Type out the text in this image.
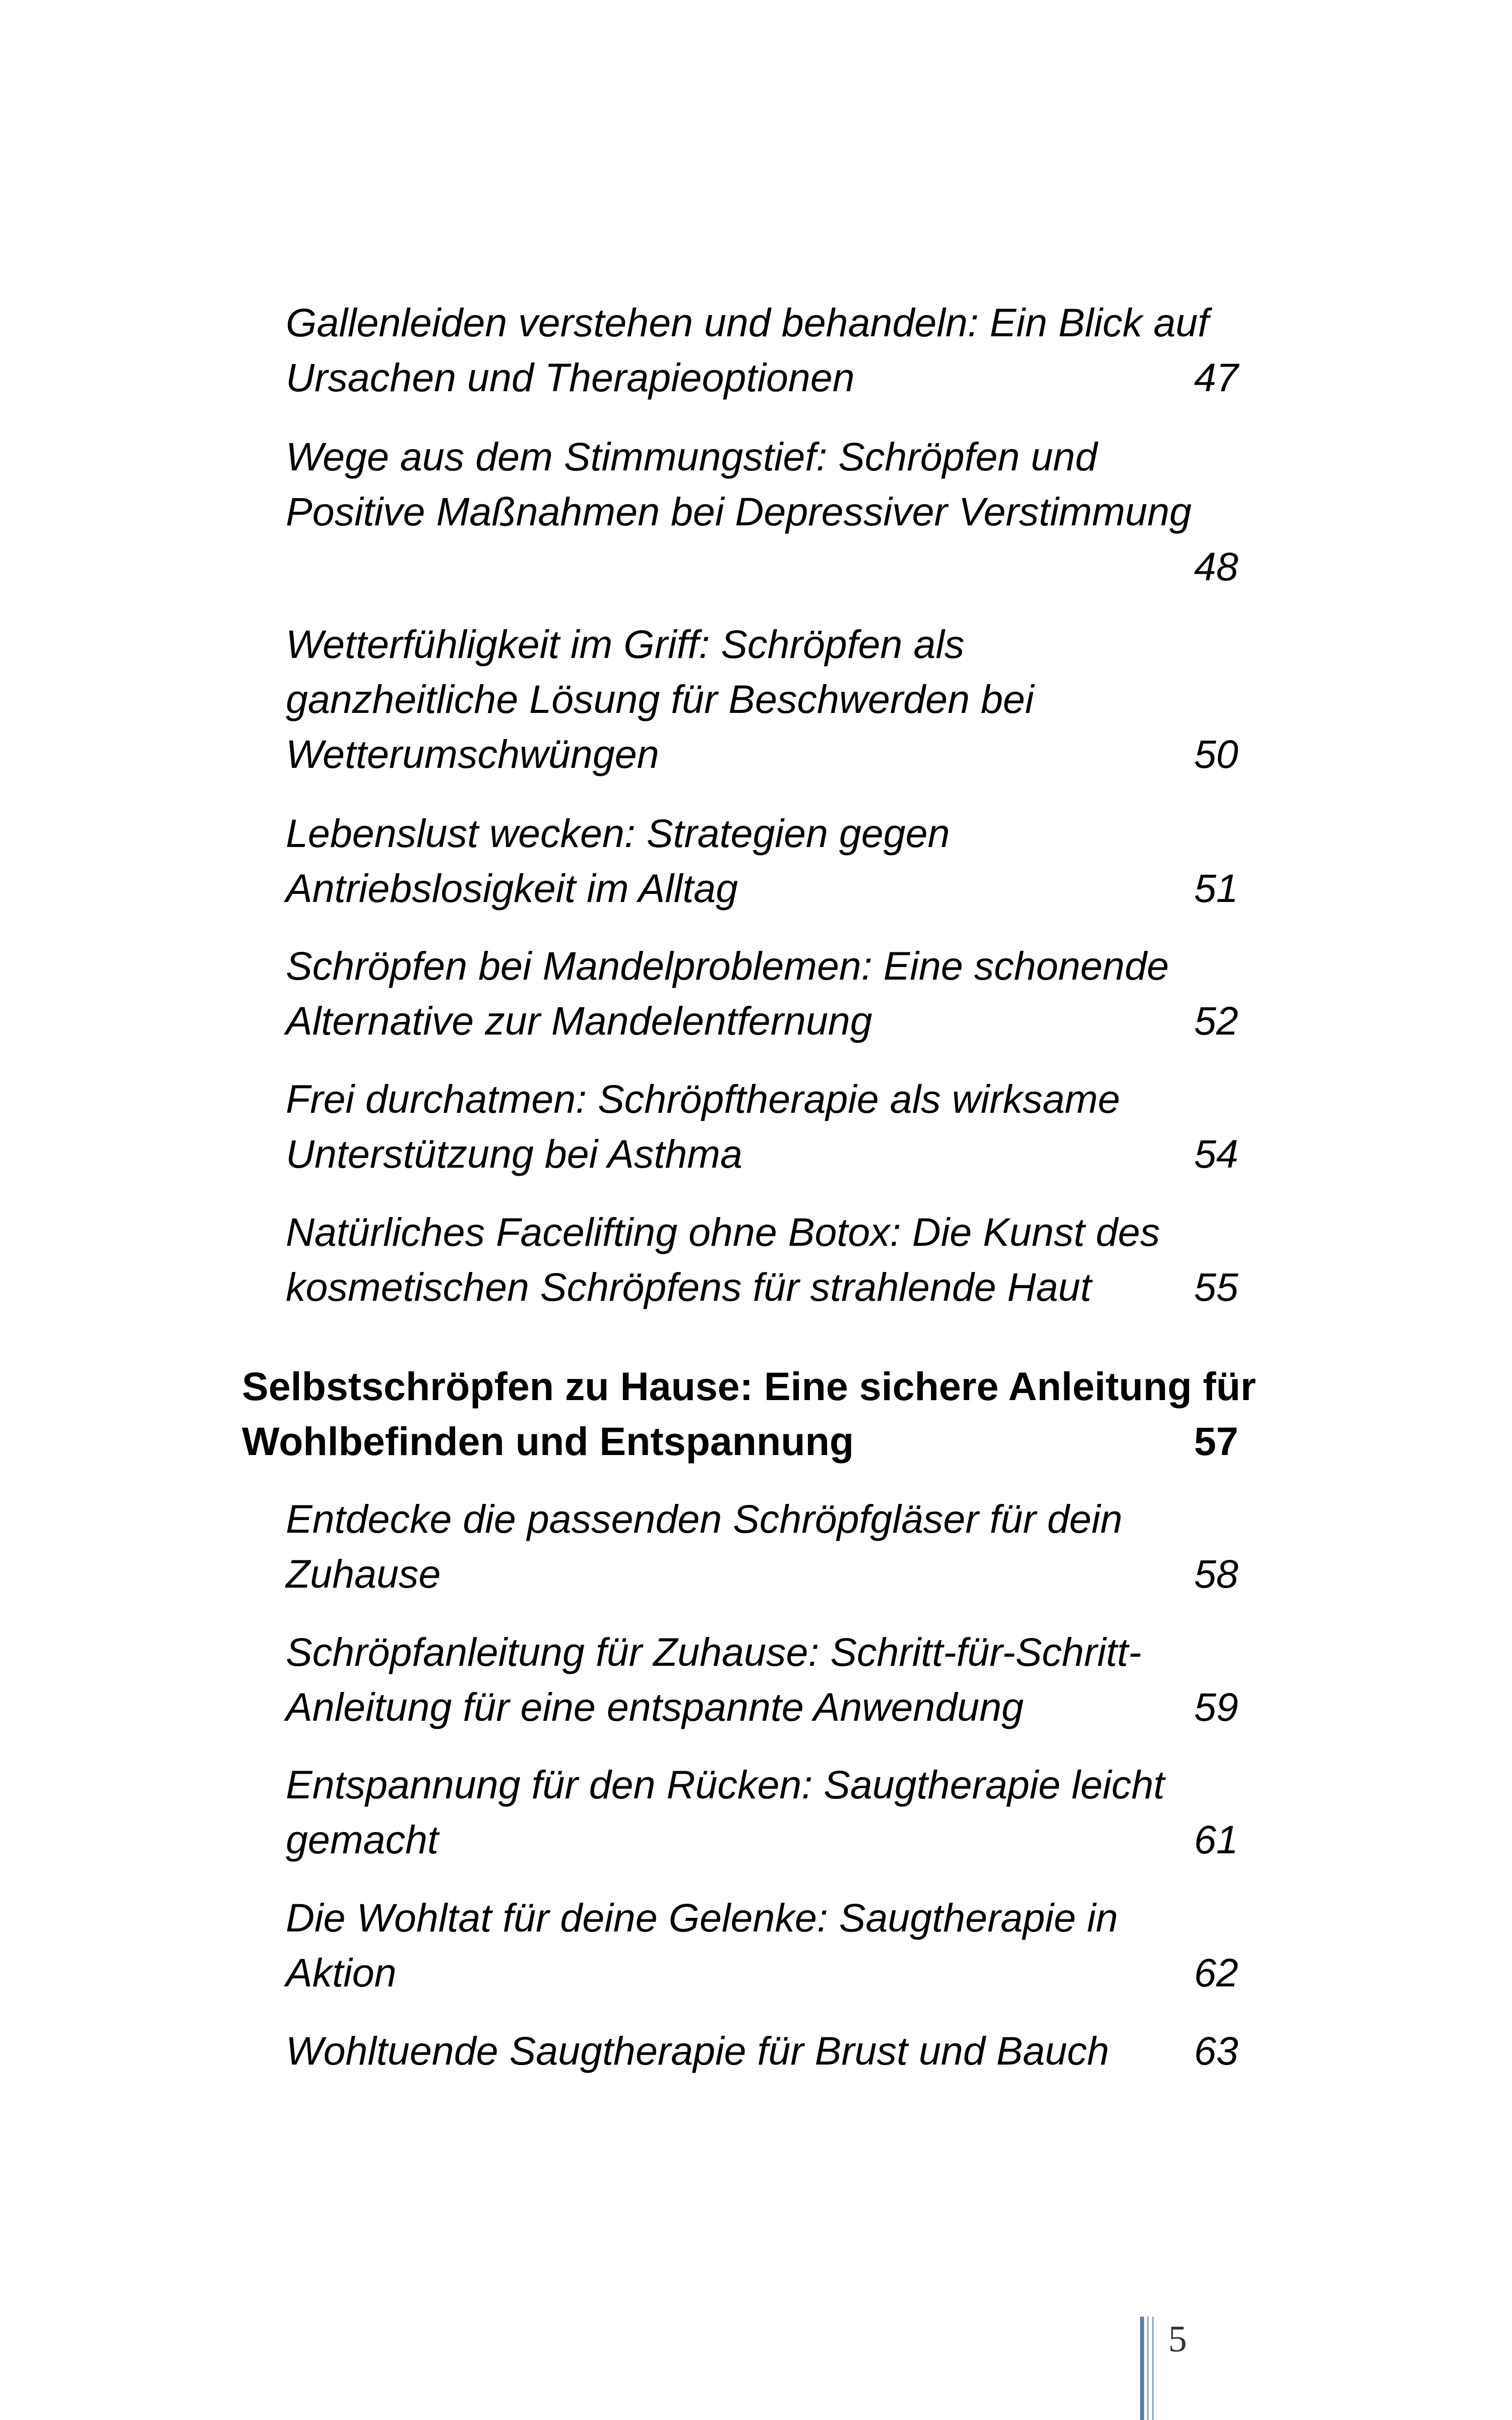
Gallenleiden verstehen und behandeln: Ein Blick auf
Ursachen und Therapieoptionen	47
Wege aus dem Stimmungstief: Schröpfen und
Positive Maßnahmen bei Depressiver Verstimmung
48
Wetterfühligkeit im Griff: Schröpfen als
ganzheitliche Lösung für Beschwerden bei
Wetterumschwüngen	50
Lebenslust wecken: Strategien gegen
Antriebslosigkeit im Alltag	51
Schröpfen bei Mandelproblemen: Eine schonende
Alternative zur Mandelentfernung	52
Frei durchatmen: Schröpftherapie als wirksame
Unterstützung bei Asthma	54
Natürliches Facelifting ohne Botox: Die Kunst des
kosmetischen Schröpfens für strahlende Haut	55
Selbstschröpfen zu Hause: Eine sichere Anleitung für
Wohlbefinden und Entspannung	57
Entdecke die passenden Schröpfgläser für dein
Zuhause	58
Schröpfanleitung für Zuhause: Schritt-für-Schritt-
Anleitung für eine entspannte Anwendung	59
Entspannung für den Rücken: Saugtherapie leicht
gemacht	61
Die Wohltat für deine Gelenke: Saugtherapie in
Aktion	62
Wohltuende Saugtherapie für Brust und Bauch 63
5
